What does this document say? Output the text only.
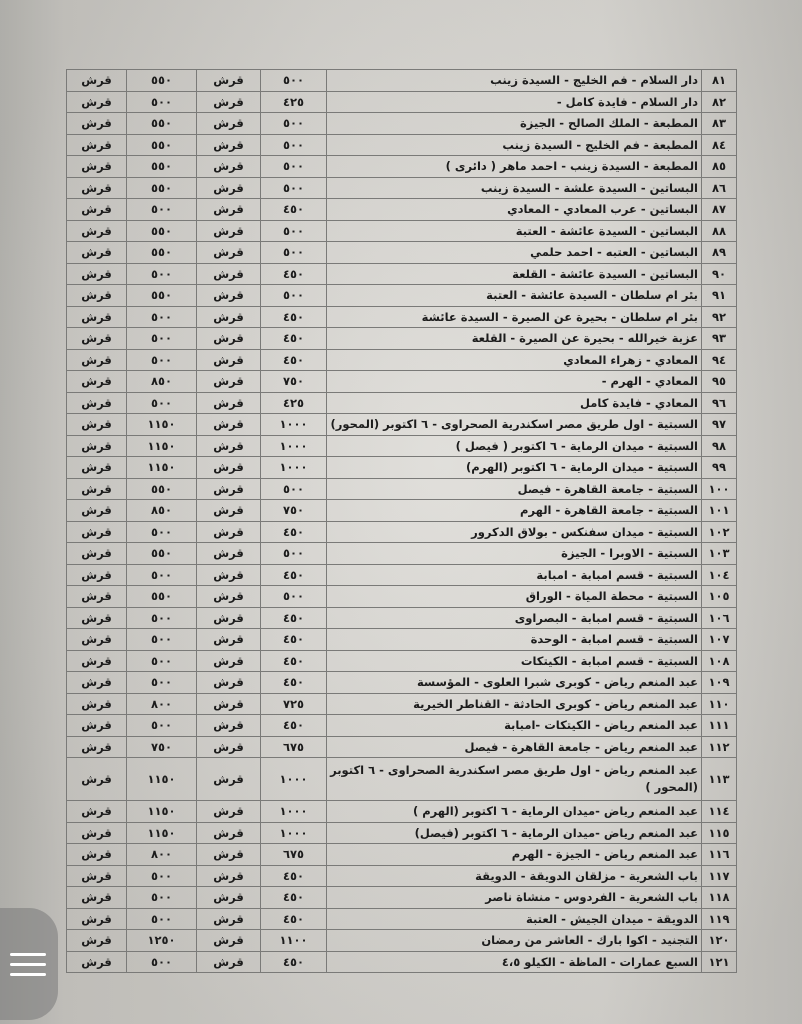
قرش	٥٥٠	قرش	٥٠٠	دار السلام - فم الخليج - السيدة زينب	٨١
قرش	٥٠٠	قرش	٤٢٥	دار السلام - فايدة كامل -	٨٢
قرش	٥٥٠	قرش	٥٠٠	المطبعة - الملك الصالح - الجيزة	٨٣
قرش	٥٥٠	قرش	٥٠٠	المطبعة - فم الخليج - السيدة زينب	٨٤
قرش	٥٥٠	قرش	٥٠٠	المطبعة - السيدة زينب - احمد ماهر ( دائرى )	٨٥
قرش	٥٥٠	قرش	٥٠٠	البساتين - السيدة علشة - السيدة زينب	٨٦
قرش	٥٠٠	قرش	٤٥٠	البساتين - عرب المعادي - المعادي	٨٧
قرش	٥٥٠	قرش	٥٠٠	البساتين - السيدة عائشة - العتبة	٨٨
قرش	٥٥٠	قرش	٥٠٠	البساتين - العتبه - احمد حلمي	٨٩
قرش	٥٠٠	قرش	٤٥٠	البساتين - السيدة عائشة - القلعة	٩٠
قرش	٥٥٠	قرش	٥٠٠	بئر ام سلطان - السيدة عائشة - العتبة	٩١
قرش	٥٠٠	قرش	٤٥٠	بئر ام سلطان - بحيرة عن الصيرة - السيدة عائشة	٩٢
قرش	٥٠٠	قرش	٤٥٠	عزبة خيرالله - بحيرة عن الصيرة - القلعة	٩٣
قرش	٥٠٠	قرش	٤٥٠	المعادي - زهراء المعادي	٩٤
قرش	٨٥٠	قرش	٧٥٠	المعادي - الهرم -	٩٥
قرش	٥٠٠	قرش	٤٢٥	المعادي - فايدة كامل	٩٦
قرش	١١٥٠	قرش	١٠٠٠	السبتية - اول طريق مصر اسكندرية الصحراوى - ٦ اكتوبر (المحور)	٩٧
قرش	١١٥٠	قرش	١٠٠٠	السبتية - ميدان الرماية - ٦ اكتوبر ( فيصل )	٩٨
قرش	١١٥٠	قرش	١٠٠٠	السبتية - ميدان الرماية - ٦ اكتوبر (الهرم)	٩٩
قرش	٥٥٠	قرش	٥٠٠	السبتية - جامعة القاهرة - فيصل	١٠٠
قرش	٨٥٠	قرش	٧٥٠	السبتية - جامعة القاهرة - الهرم	١٠١
قرش	٥٠٠	قرش	٤٥٠	السبتية - ميدان سفنكس - بولاق الدكرور	١٠٢
قرش	٥٥٠	قرش	٥٠٠	السبتية - الاوبرا - الجيزة	١٠٣
قرش	٥٠٠	قرش	٤٥٠	السبتية - قسم امبابة - امبابة	١٠٤
قرش	٥٥٠	قرش	٥٠٠	السبتية - محطة المياة - الوراق	١٠٥
قرش	٥٠٠	قرش	٤٥٠	السبتية - قسم امبابة - البصراوى	١٠٦
قرش	٥٠٠	قرش	٤٥٠	السبتية - قسم امبابة - الوحدة	١٠٧
قرش	٥٠٠	قرش	٤٥٠	السبتية - قسم امبابة - الكيتكات	١٠٨
قرش	٥٠٠	قرش	٤٥٠	عبد المنعم رياض - كوبرى شبرا العلوى - المؤسسة	١٠٩
قرش	٨٠٠	قرش	٧٢٥	عبد المنعم رياض - كوبرى الحادثة - القناطر الخيرية	١١٠
قرش	٥٠٠	قرش	٤٥٠	عبد المنعم رياض - الكيتكات -امبابة	١١١
قرش	٧٥٠	قرش	٦٧٥	عبد المنعم رياض - جامعة القاهرة - فيصل	١١٢
قرش	١١٥٠	قرش	١٠٠٠	عبد المنعم رياض - اول طريق مصر اسكندرية الصحراوى - ٦ اكتوبر (المحور )	١١٣
قرش	١١٥٠	قرش	١٠٠٠	عبد المنعم رياض -ميدان الرماية - ٦ اكتوبر (الهرم )	١١٤
قرش	١١٥٠	قرش	١٠٠٠	عبد المنعم رياض -ميدان الرماية - ٦ اكتوبر (فيصل)	١١٥
قرش	٨٠٠	قرش	٦٧٥	عبد المنعم رياض - الجيزة - الهرم	١١٦
قرش	٥٠٠	قرش	٤٥٠	باب الشعرية - مزلقان الدويقة - الدويقة	١١٧
قرش	٥٠٠	قرش	٤٥٠	باب الشعرية - الفردوس - منشاة ناصر	١١٨
قرش	٥٠٠	قرش	٤٥٠	الدويقة - ميدان الجيش - العتبة	١١٩
قرش	١٢٥٠	قرش	١١٠٠	التجنيد - اكوا بارك - العاشر من رمضان	١٢٠
قرش	٥٠٠	قرش	٤٥٠	السبع عمارات - الماظة - الكيلو ٤،٥	١٢١
